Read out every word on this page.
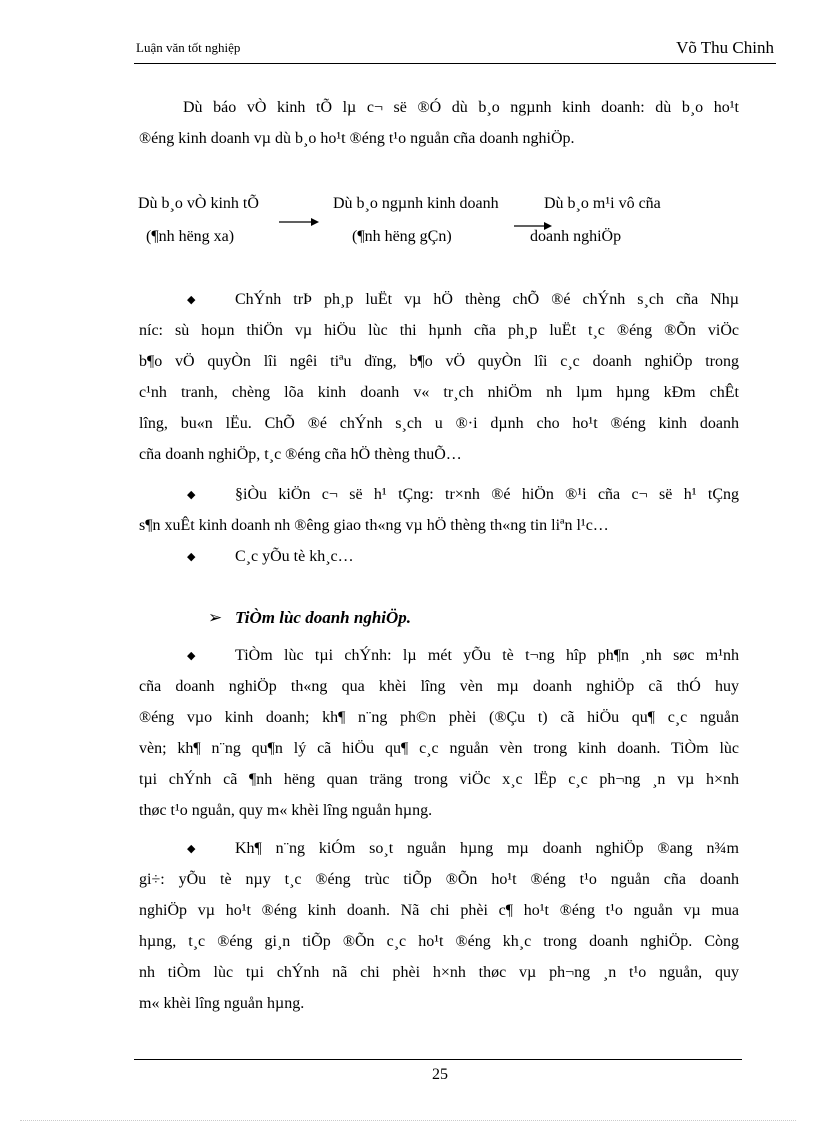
Luận văn tốt nghiệp	Võ Thu Chinh
Dù báo vÒ kinh tÕ lµ c¬ së ®Ó dù b¸o ngµnh kinh doanh: dù b¸o ho¹t
®éng kinh doanh vµ dù b¸o ho¹t ®éng t¹o nguån cña doanh nghiÖp.
Dù b¸o vÒ kinh tÕ
(¶nh hëng xa)
Dù b¸o ngµnh kinh doanh
(¶nh hëng gÇn)
Dù b¸o m¹i vô cña
doanh nghiÖp
◆	ChÝnh trÞ ph¸p luËt vµ hÖ thèng chÕ ®é chÝnh s¸ch cña Nhµ
níc: sù hoµn thiÖn vµ hiÖu lùc thi hµnh cña ph¸p luËt t¸c ®éng ®Õn viÖc
b¶o vÖ quyÒn lîi ngêi tiªu dïng, b¶o vÖ quyÒn lîi c¸c doanh nghiÖp trong
c¹nh tranh, chèng lõa kinh doanh v« tr¸ch nhiÖm nh lµm hµng kÐm chÊt
lîng, bu«n lËu. ChÕ ®é chÝnh s¸ch u ®·i dµnh cho ho¹t ®éng kinh doanh
cña doanh nghiÖp, t¸c ®éng cña hÖ thèng thuÕ…
◆	§iÒu kiÖn c¬ së h¹ tÇng: tr×nh ®é hiÖn ®¹i cña c¬ së h¹ tÇng
s¶n xuÊt kinh doanh nh ®êng giao th«ng vµ hÖ thèng th«ng tin liªn l¹c…
◆	C¸c yÕu tè kh¸c…
➢ TiÒm lùc doanh nghiÖp.
◆	TiÒm lùc tµi chÝnh: lµ mét yÕu tè t¬ng hîp ph¶n ¸nh søc m¹nh
cña doanh nghiÖp th«ng qua khèi lîng vèn mµ doanh nghiÖp cã thÓ huy
®éng vµo kinh doanh; kh¶ n¨ng ph©n phèi (®Çu t) cã hiÖu qu¶ c¸c nguån
vèn; kh¶ n¨ng qu¶n lý cã hiÖu qu¶ c¸c nguån vèn trong kinh doanh. TiÒm lùc
tµi chÝnh cã ¶nh hëng quan träng trong viÖc x¸c lËp c¸c ph¬ng ¸n vµ h×nh
thøc t¹o nguån, quy m« khèi lîng nguån hµng.
◆	Kh¶ n¨ng kiÓm so¸t nguån hµng mµ doanh nghiÖp ®ang n¾m
gi÷: yÕu tè nµy t¸c ®éng trùc tiÕp ®Õn ho¹t ®éng t¹o nguån cña doanh
nghiÖp vµ ho¹t ®éng kinh doanh. Nã chi phèi c¶ ho¹t ®éng t¹o nguån vµ mua
hµng, t¸c ®éng gi¸n tiÕp ®Õn c¸c ho¹t ®éng kh¸c trong doanh nghiÖp. Còng
nh tiÒm lùc tµi chÝnh nã chi phèi h×nh thøc vµ ph¬ng ¸n t¹o nguån, quy
m« khèi lîng nguån hµng.
25
